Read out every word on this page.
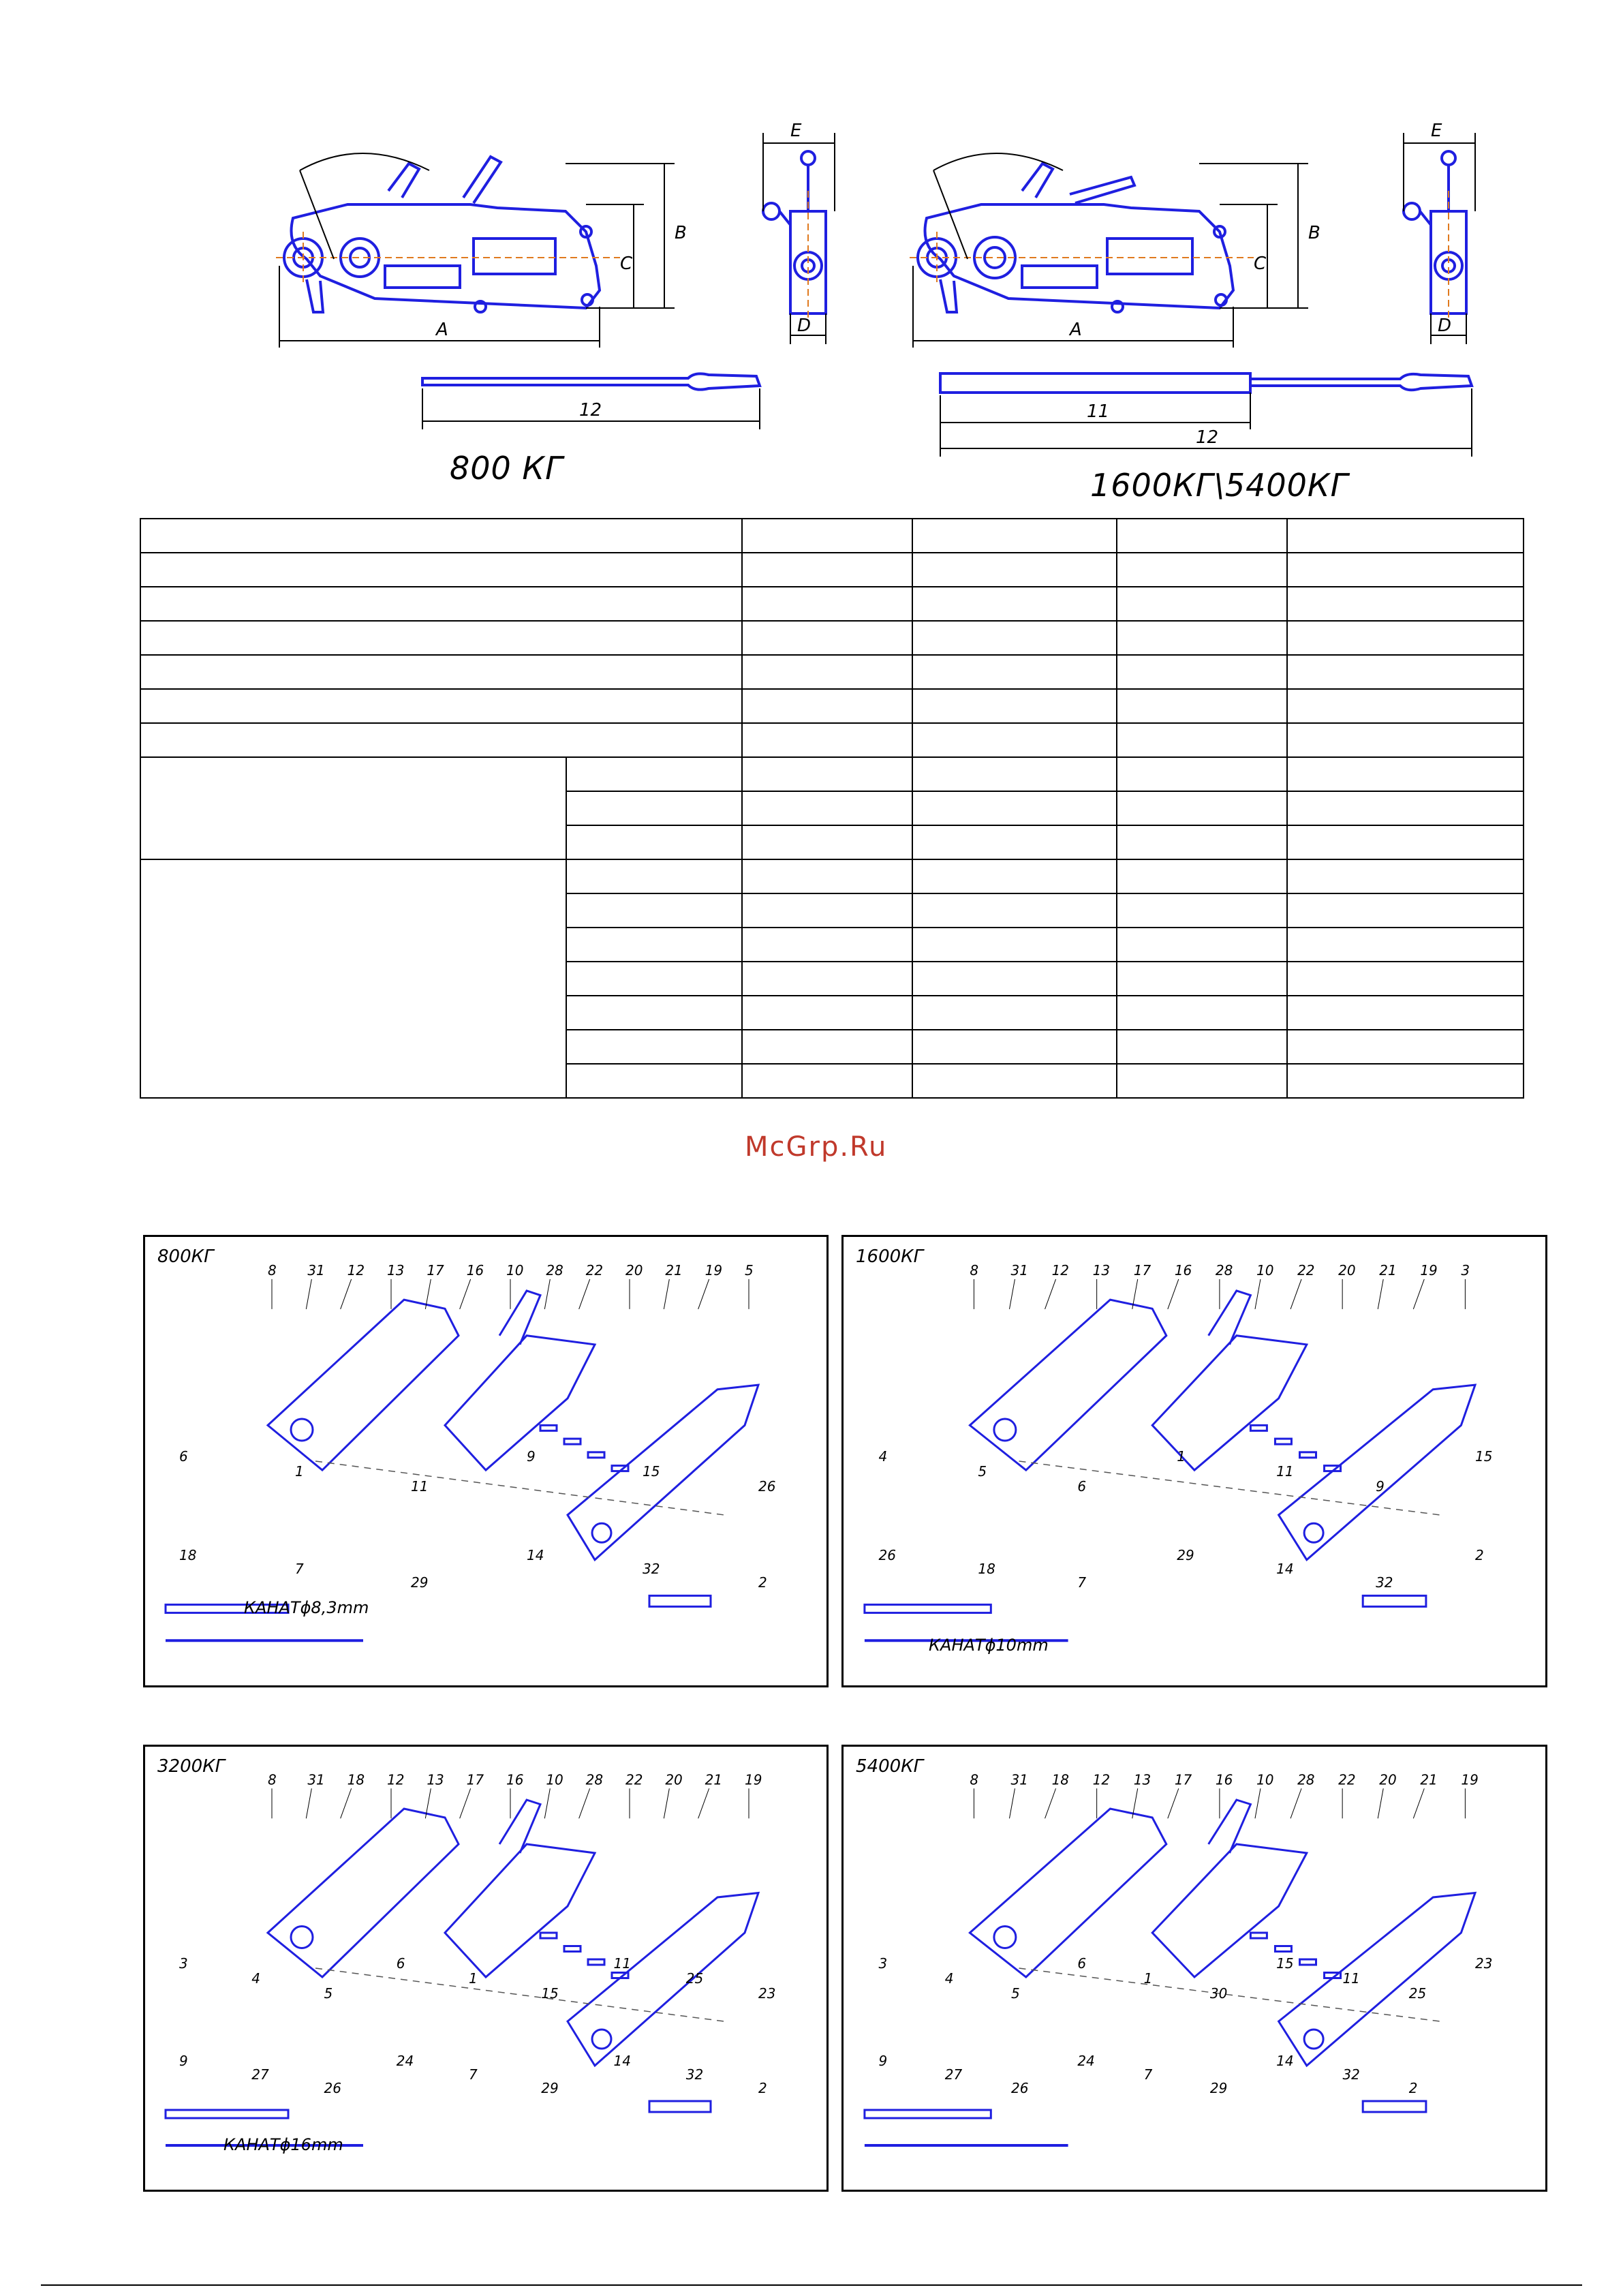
A
B
C
E
D
12
800 КГ
A
B
C
E
D
11
12
1600КГ\5400КГ

McGrp.Ru
800КГ
8 31 12 13 17 16 10 28 22 20 21 19 5
6
1
11
9
15
26
18
7
29
14
32
2
КАНАТϕ8,3mm
1600КГ
8 31 12 13 17 16 28 10 22 20 21 19 3
4
5
6
1
11
9
15
26
18
7
29
14
32
2
КАНАТϕ10mm
3200КГ
8 31 18 12 13 17 16 10 28 22 20 21 19
3
4
5
6
1
15
11
25
23
9
27
26
24
7
29
14
32
2
КАНАТϕ16mm
5400КГ
8 31 18 12 13 17 16 10 28 22 20 21 19
3
4
5
6
1
30
15
11
25
23
9
27
26
24
7
29
14
32
2
